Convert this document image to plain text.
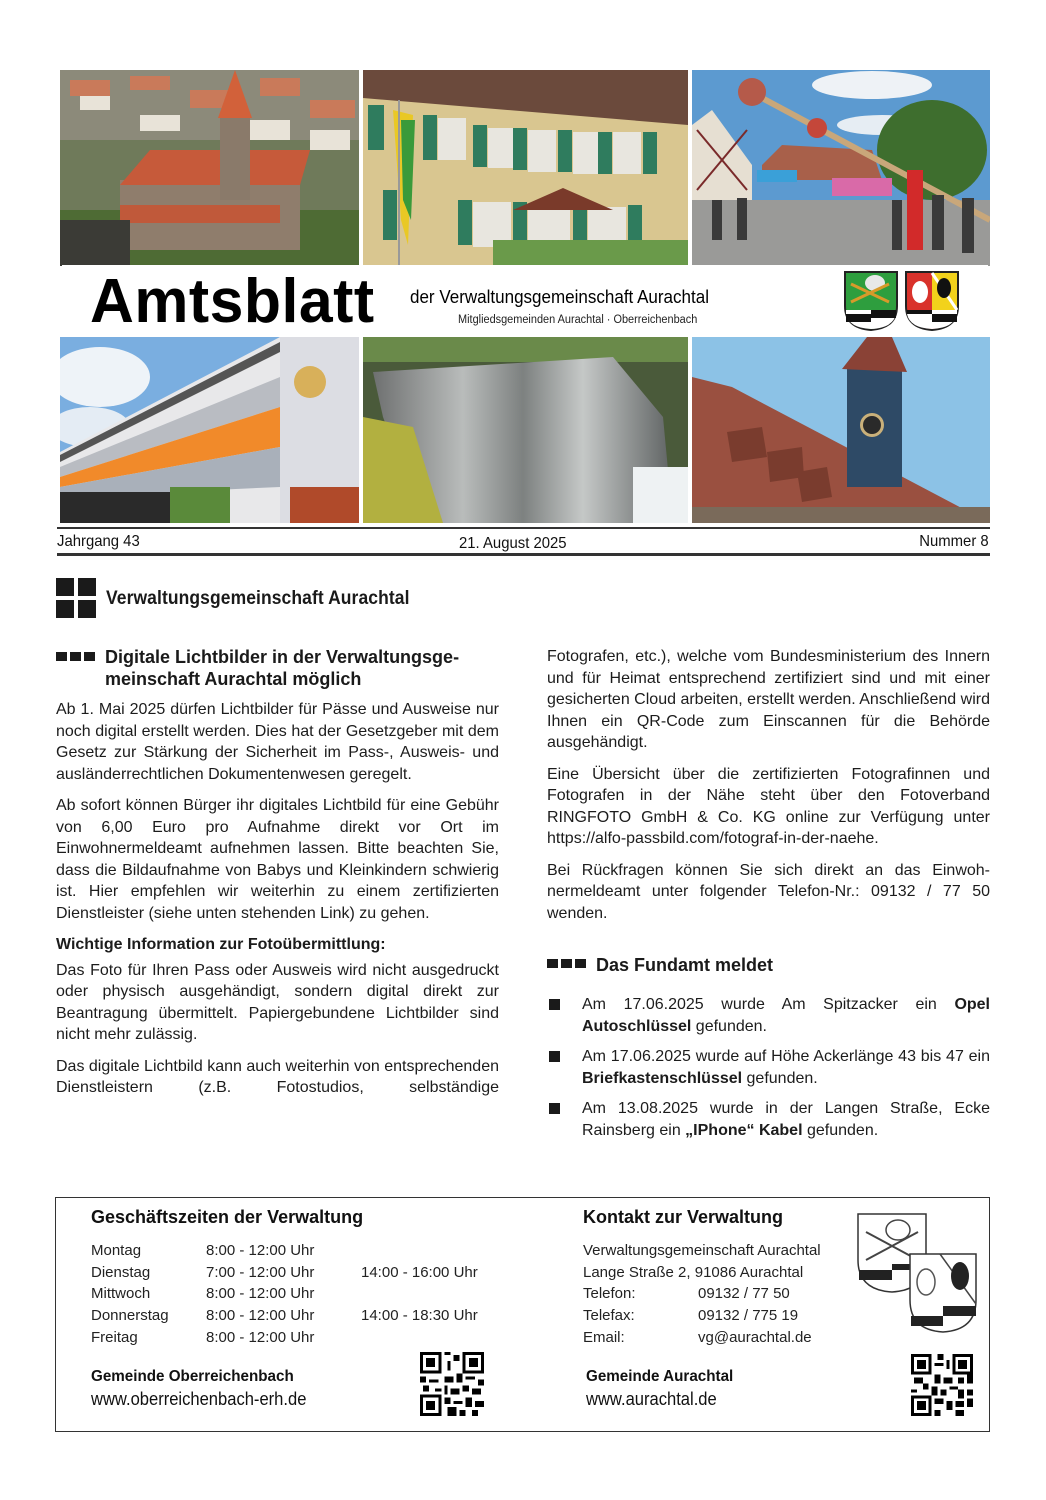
Amtsblatt der Verwaltungsgemeinschaft Aurachtal
Mitgliedsgemeinden Aurachtal · Oberreichenbach
Jahrgang 43	21. August 2025	Nummer 8
Verwaltungsgemeinschaft Aurachtal
Digitale Lichtbilder in der Verwaltungsge-
meinschaft Aurachtal möglich

Ab 1. Mai 2025 dürfen Lichtbilder für Pässe und Ausweise nur noch digital erstellt werden. Dies hat der Gesetzgeber mit dem Gesetz zur Stärkung der Sicherheit im Pass-, Ausweis- und ausländerrechtlichen Dokumentenwesen geregelt.

Ab sofort können Bürger ihr digitales Lichtbild für eine Gebühr von 6,00 Euro pro Aufnahme direkt vor Ort im Einwohnermeldeamt aufnehmen lassen. Bitte beachten Sie, dass die Bildaufnahme von Babys und Kleinkindern schwierig ist. Hier empfehlen wir weiterhin zu einem zertifizierten Dienstleister (siehe unten stehenden Link) zu gehen.

Wichtige Information zur Fotoübermittlung:

Das Foto für Ihren Pass oder Ausweis wird nicht ausgedruckt oder physisch ausgehändigt, sondern digital direkt zur Beantragung übermittelt. Papiergebundene Lichtbilder sind nicht mehr zulässig.

Das digitale Lichtbild kann auch weiterhin von entsprechenden Dienstleistern (z.B. Fotostudios, selbständige

Fotografen, etc.), welche vom Bundesministerium des Innern und für Heimat entsprechend zertifiziert sind und mit einer gesicherten Cloud arbeiten, erstellt werden. Anschließend wird Ihnen ein QR-Code zum Einscannen für die Behörde ausgehändigt.

Eine Übersicht über die zertifizierten Fotografinnen und Fotografen in der Nähe steht über den Fotoverband RINGFOTO GmbH & Co. KG online zur Verfügung unter https://alfo-passbild.com/fotograf-in-der-naehe.

Bei Rückfragen können Sie sich direkt an das Einwohnermeldeamt unter folgender Telefon-Nr.: 09132 / 77 50 wenden.

Das Fundamt meldet
Am 17.06.2025 wurde Am Spitzacker ein Opel Autoschlüssel gefunden.
Am 17.06.2025 wurde auf Höhe Ackerlänge 43 bis 47 ein Briefkastenschlüssel gefunden.
Am 13.08.2025 wurde in der Langen Straße, Ecke Rainsberg ein „IPhone“ Kabel gefunden.
Geschäftszeiten der Verwaltung
Montag	8:00 - 12:00 Uhr
Dienstag	7:00 - 12:00 Uhr	14:00 - 16:00 Uhr
Mittwoch	8:00 - 12:00 Uhr
Donnerstag	8:00 - 12:00 Uhr	14:00 - 18:30 Uhr
Freitag	8:00 - 12:00 Uhr
Kontakt zur Verwaltung
Verwaltungsgemeinschaft Aurachtal
Lange Straße 2, 91086 Aurachtal
Telefon:	09132 / 77 50
Telefax:	09132 / 775 19
Email:	vg@aurachtal.de
Gemeinde Oberreichenbach
www.oberreichenbach-erh.de
Gemeinde Aurachtal
www.aurachtal.de
